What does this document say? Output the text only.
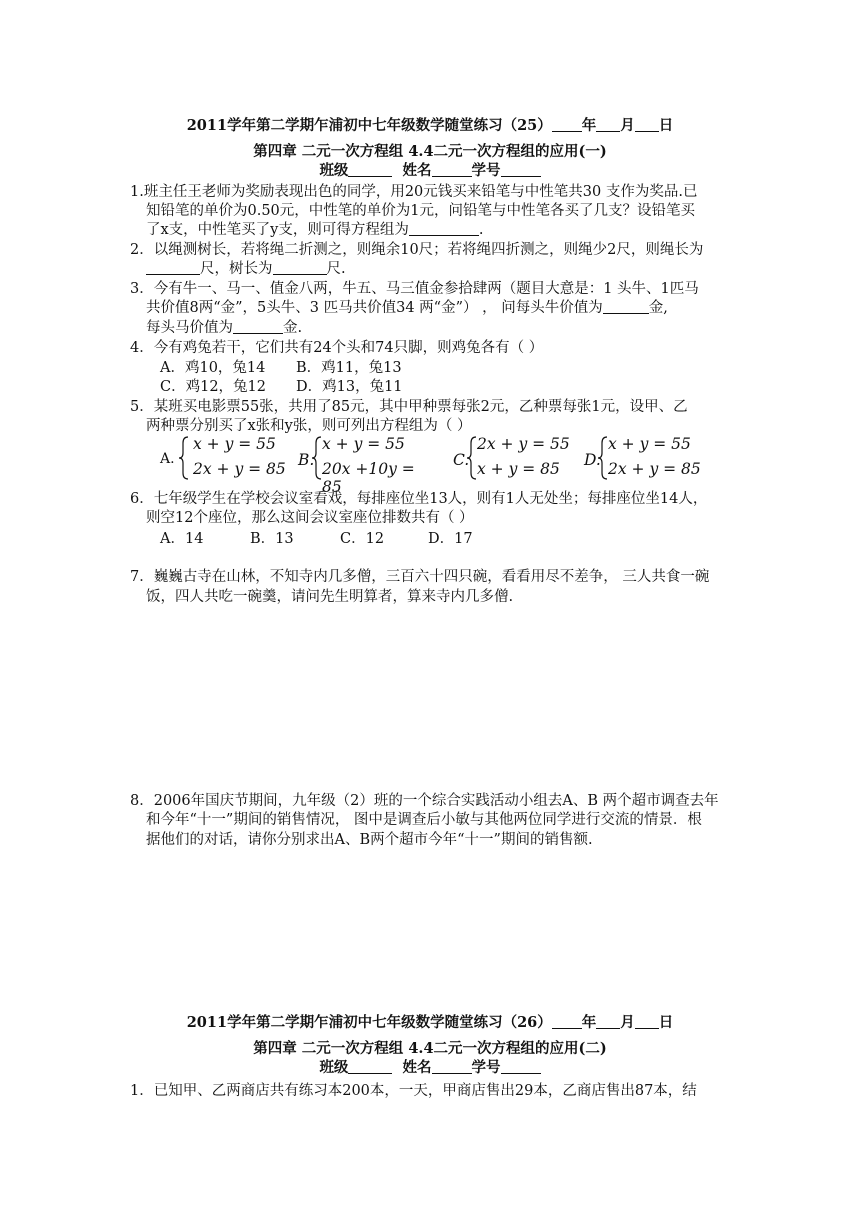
2011学年第二学期乍浦初中七年级数学随堂练习（25） 年 月 日
第四章 二元一次方程组 4.4二元一次方程组的应用(一)
班级	姓名	学号
1.班主任王老师为奖励表现出色的同学，用20元钱买来铅笔与中性笔共30 支作为奖品.已
知铅笔的单价为0.50元，中性笔的单价为1元，问铅笔与中性笔各买了几支？设铅笔买
了x支，中性笔买了y支，则可得方程组为	.
2．以绳测树长，若将绳二折测之，则绳余10尺；若将绳四折测之，则绳少2尺，则绳长为
尺，树长为	尺.
3．今有牛一、马一、值金八两，牛五、马三值金参拾肆两（题目大意是：1 头牛、1匹马
共价值8两“金”，5头牛、3 匹马共价值34 两“金”） ， 问每头牛价值为	金,
每头马价值为	金.
4．今有鸡兔若干，它们共有24个头和74只脚，则鸡兔各有（ ）
A．鸡10，兔14 B．鸡11，兔13
C．鸡12，兔12 D．鸡13，兔11
5．某班买电影票55张，共用了85元，其中甲种票每张2元，乙种票每张1元，设甲、乙
两种票分别买了x张和y张，则可列出方程组为（ ）
A.
x + y = 55
2x + y = 85 B.
x + y = 55
20x +10y = 85
C.
2x + y = 55
x + y = 85 D.
x + y = 55
2x + y = 85
6．七年级学生在学校会议室看戏，每排座位坐13人，则有1人无处坐；每排座位坐14人，
则空12个座位，那么这间会议室座位排数共有（ ）
A．14	B．13	C．12	D．17
7．巍巍古寺在山林，不知寺内几多僧，三百六十四只碗，看看用尽不差争， 三人共食一碗
饭，四人共吃一碗羹，请问先生明算者，算来寺内几多僧.
8．2006年国庆节期间，九年级（2）班的一个综合实践活动小组去A、B 两个超市调查去年
和今年“十一”期间的销售情况， 图中是调查后小敏与其他两位同学进行交流的情景．根
据他们的对话，请你分别求出A、B两个超市今年“十一”期间的销售额.
2011学年第二学期乍浦初中七年级数学随堂练习（26） 年 月 日
第四章 二元一次方程组 4.4二元一次方程组的应用(二)
班级	姓名	学号
1．已知甲、乙两商店共有练习本200本，一天，甲商店售出29本，乙商店售出87本，结
